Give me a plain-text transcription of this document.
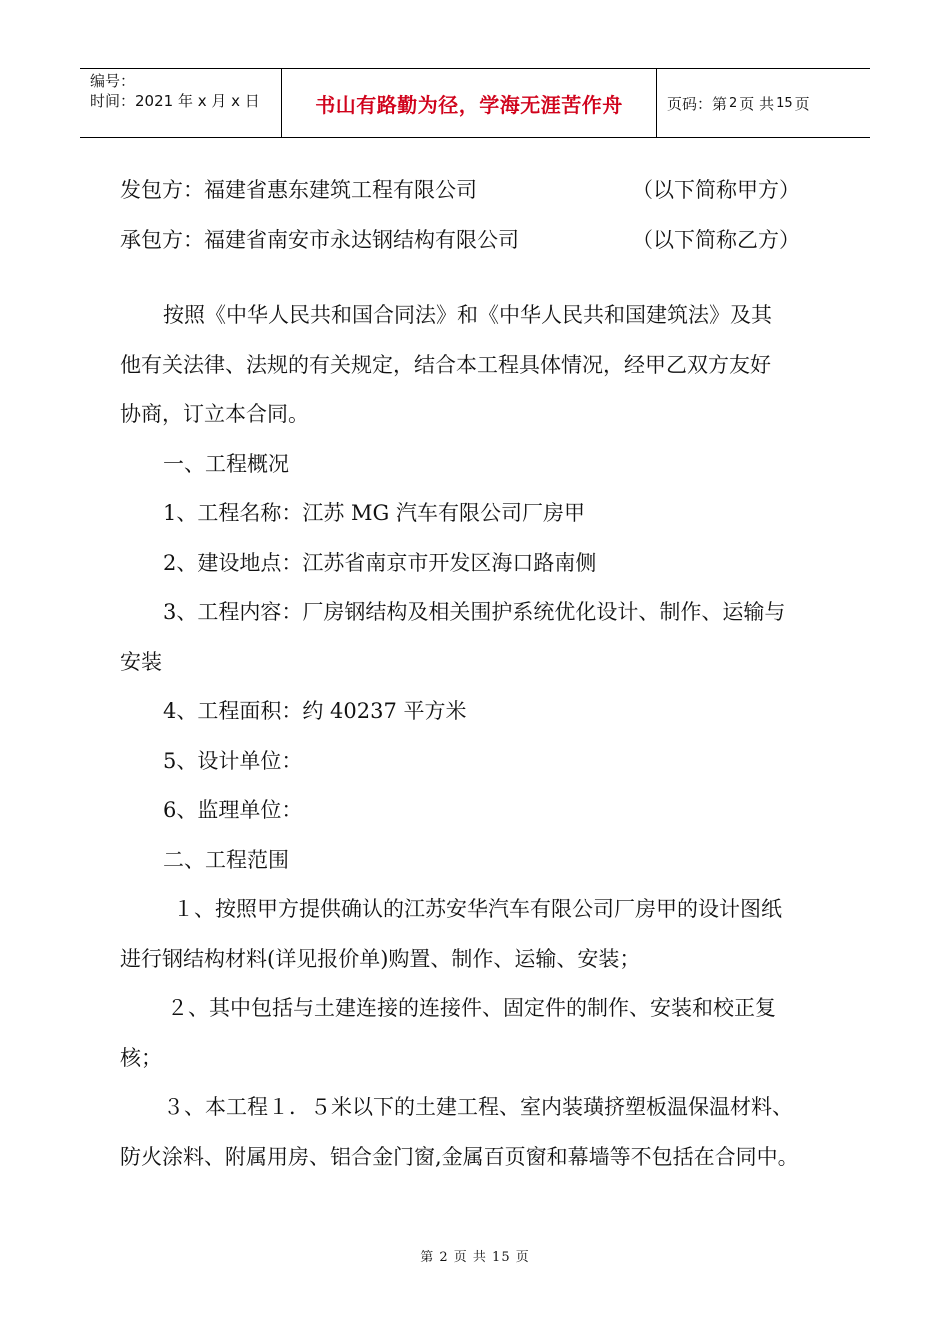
编号：
时间：2021 年 x 月 x 日	书山有路勤为径，学海无涯苦作舟	页码：第 2 页 共 15 页
发包方：福建省惠东建筑工程有限公司	（以下简称甲方）
承包方：福建省南安市永达钢结构有限公司	（以下简称乙方）
按照《中华人民共和国合同法》和《中华人民共和国建筑法》及其
他有关法律、法规的有关规定，结合本工程具体情况，经甲乙双方友好
协商，订立本合同。
一、工程概况
1、工程名称：江苏 MG 汽车有限公司厂房甲
2、建设地点：江苏省南京市开发区海口路南侧
3、工程内容：厂房钢结构及相关围护系统优化设计、制作、运输与
安装
4、工程面积：约 40237 平方米
5、设计单位：
6、监理单位：
二、工程范围
１、按照甲方提供确认的江苏安华汽车有限公司厂房甲的设计图纸
进行钢结构材料(详见报价单)购置、制作、运输、安装；
２、其中包括与土建连接的连接件、固定件的制作、安装和校正复
核；
３、本工程１．５米以下的土建工程、室内装璜挤塑板温保温材料、
防火涂料、附属用房、铝合金门窗,金属百页窗和幕墙等不包括在合同中。
第 2 页 共 15 页
